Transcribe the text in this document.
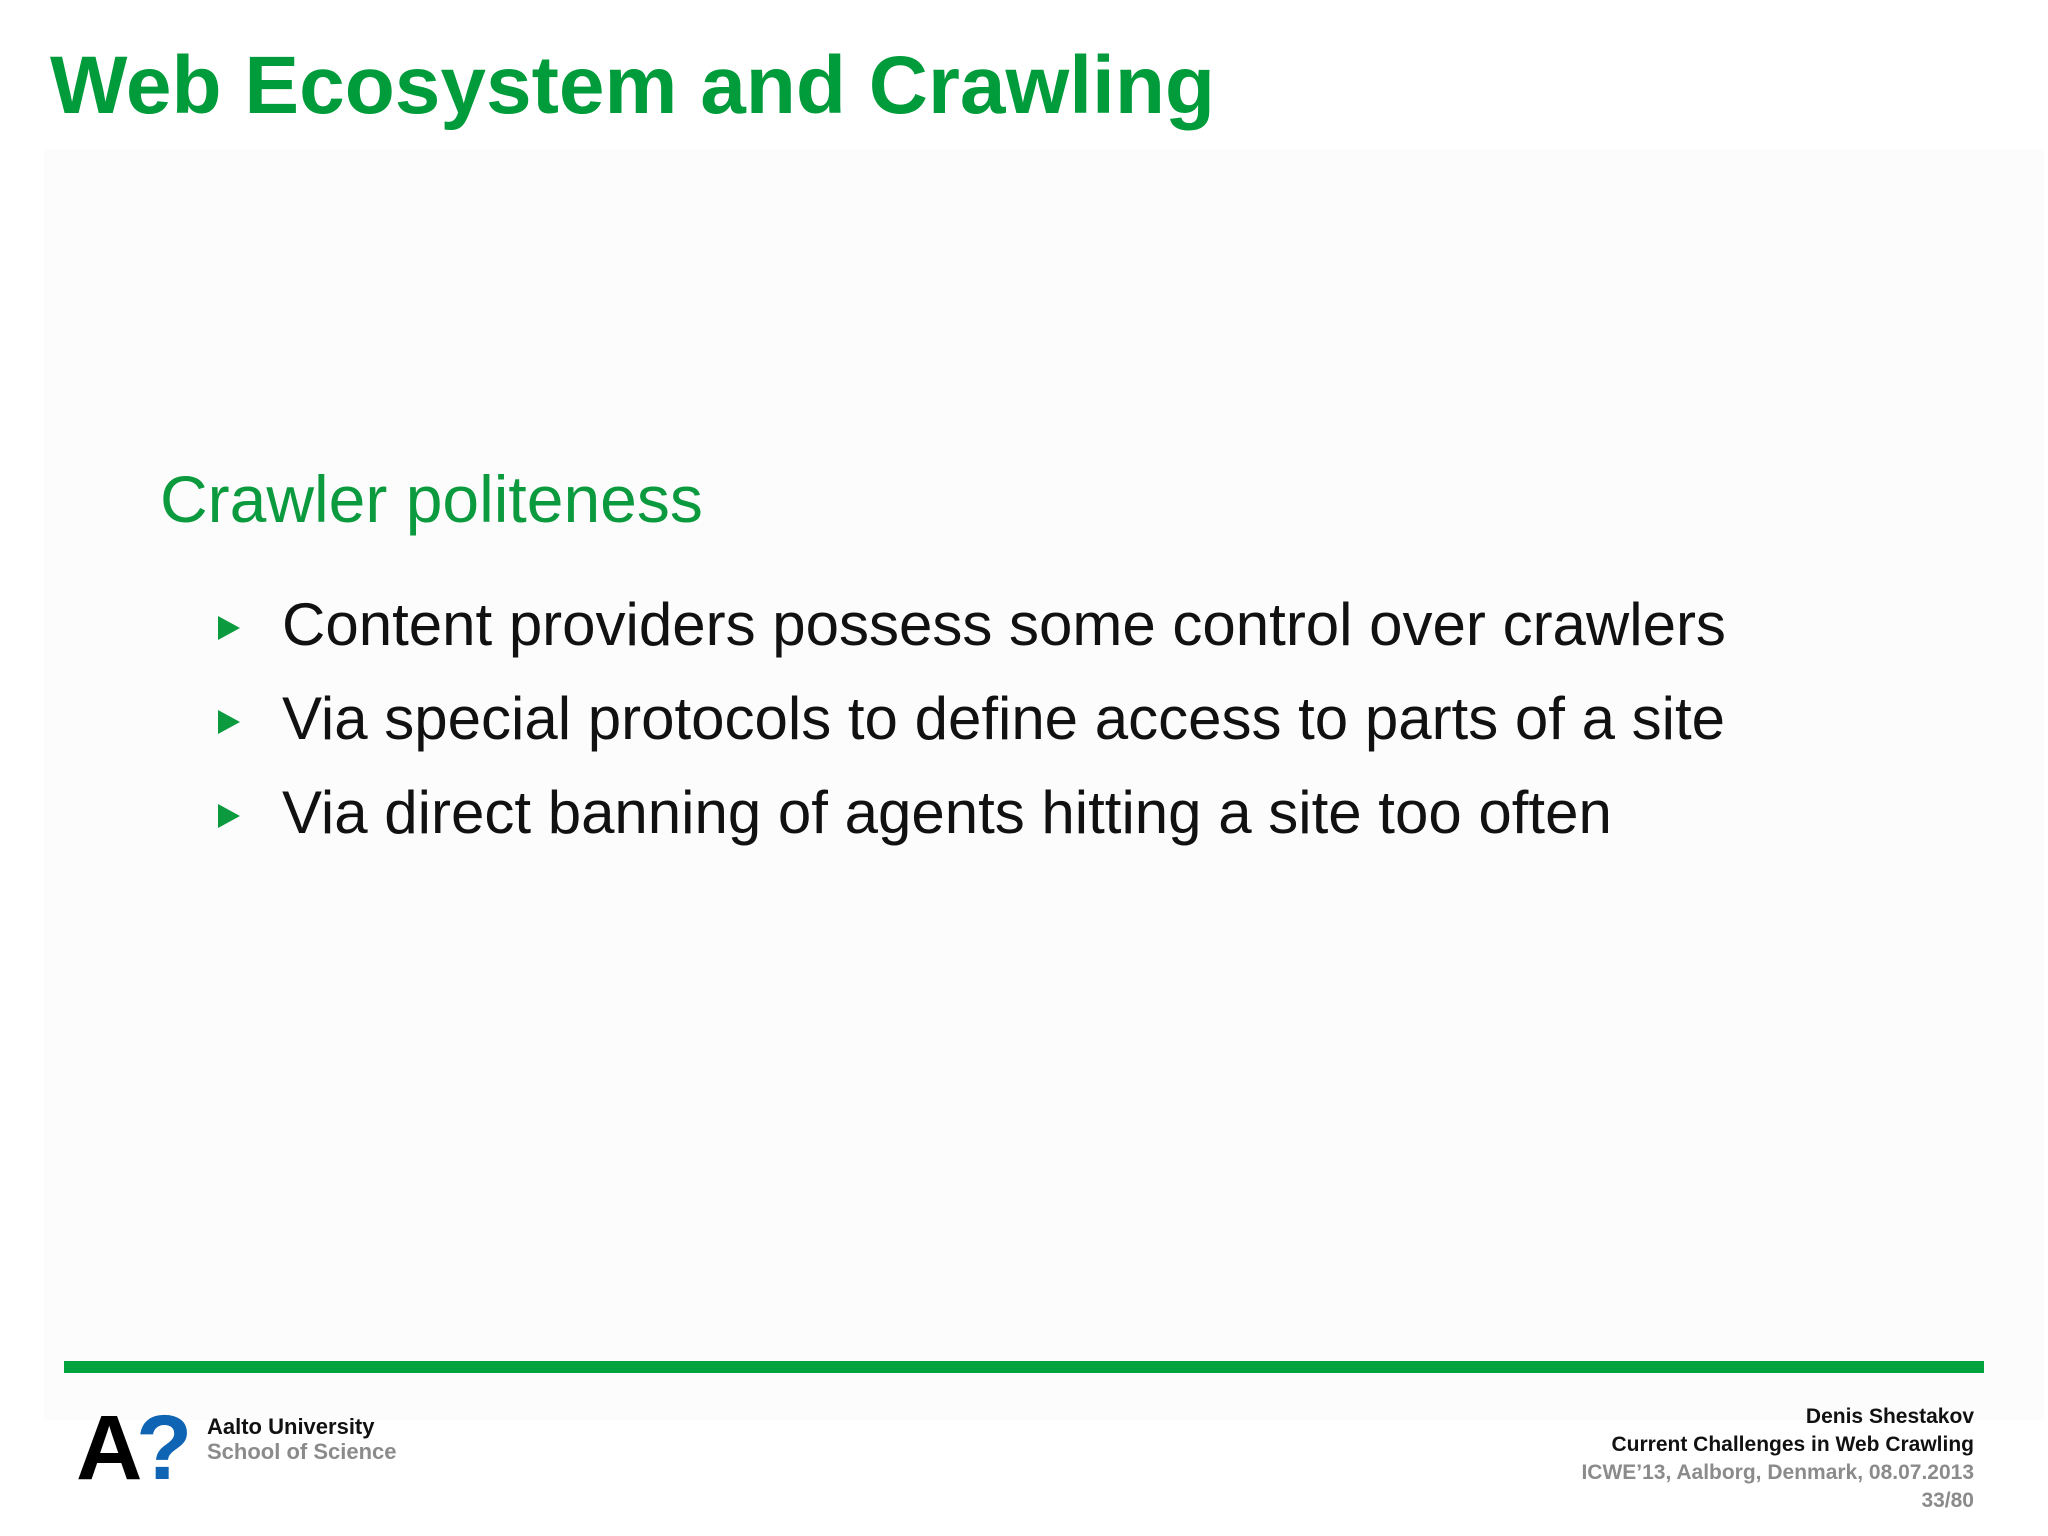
Web Ecosystem and Crawling
Crawler politeness
Content providers possess some control over crawlers
Via special protocols to define access to parts of a site
Via direct banning of agents hitting a site too often
A
? Aalto University
School of Science
Denis Shestakov
Current Challenges in Web Crawling
ICWE’13, Aalborg, Denmark, 08.07.2013
33/80
